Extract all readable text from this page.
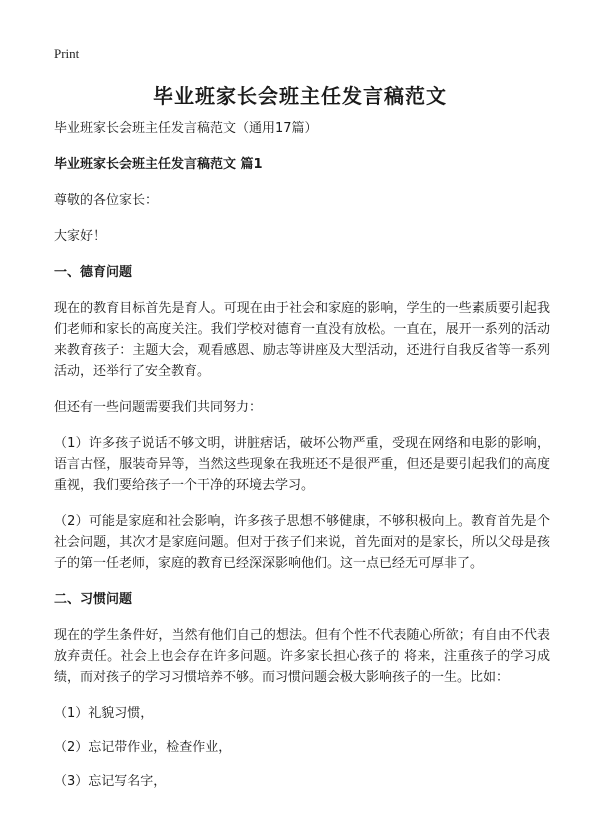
Print
毕业班家长会班主任发言稿范文

毕业班家长会班主任发言稿范文（通用17篇）

毕业班家长会班主任发言稿范文 篇1

尊敬的各位家长：

大家好！

一、德育问题

现在的教育目标首先是育人。可现在由于社会和家庭的影响，学生的一些素质要引起我们老师和家长的高度关注。我们学校对德育一直没有放松。一直在，展开一系列的活动来教育孩子：主题大会，观看感恩、励志等讲座及大型活动，还进行自我反省等一系列活动，还举行了安全教育。

但还有一些问题需要我们共同努力：

（1）许多孩子说话不够文明，讲脏痞话，破坏公物严重，受现在网络和电影的影响，语言古怪，服装奇异等，当然这些现象在我班还不是很严重，但还是要引起我们的高度重视，我们要给孩子一个干净的环境去学习。

（2）可能是家庭和社会影响，许多孩子思想不够健康，不够积极向上。教育首先是个社会问题，其次才是家庭问题。但对于孩子们来说，首先面对的是家长，所以父母是孩子的第一任老师，家庭的教育已经深深影响他们。这一点已经无可厚非了。

二、习惯问题

现在的学生条件好，当然有他们自己的想法。但有个性不代表随心所欲；有自由不代表放弃责任。社会上也会存在许多问题。许多家长担心孩子的 将来，注重孩子的学习成绩，而对孩子的学习习惯培养不够。而习惯问题会极大影响孩子的一生。比如：

（1）礼貌习惯，

（2）忘记带作业，检查作业，

（3）忘记写名字，
